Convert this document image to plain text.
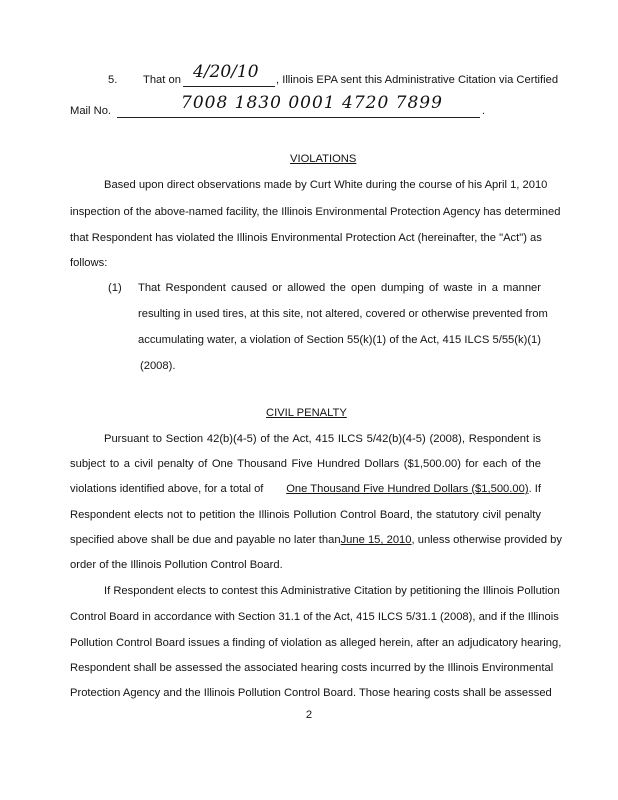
5. That on 4/20/10 , Illinois EPA sent this Administrative Citation via Certified
Mail No.	7008 1830 0001 4720 7899	.
VIOLATIONS
Based upon direct observations made by Curt White during the course of his April 1, 2010
inspection of the above-named facility, the Illinois Environmental Protection Agency has determined
that Respondent has violated the Illinois Environmental Protection Act (hereinafter, the "Act") as
follows:
(1) That Respondent caused or allowed the open dumping of waste in a manner
resulting in used tires, at this site, not altered, covered or otherwise prevented from
accumulating water, a violation of Section 55(k)(1) of the Act, 415 ILCS 5/55(k)(1)
(2008).
CIVIL PENALTY
Pursuant to Section 42(b)(4-5) of the Act, 415 ILCS 5/42(b)(4-5) (2008), Respondent is
subject to a civil penalty of One Thousand Five Hundred Dollars ($1,500.00) for each of the
violations identified above, for a total of One Thousand Five Hundred Dollars ($1,500.00). If
Respondent elects not to petition the Illinois Pollution Control Board, the statutory civil penalty
specified above shall be due and payable no later than June 15, 2010, unless otherwise provided by
order of the Illinois Pollution Control Board.
If Respondent elects to contest this Administrative Citation by petitioning the Illinois Pollution
Control Board in accordance with Section 31.1 of the Act, 415 ILCS 5/31.1 (2008), and if the Illinois
Pollution Control Board issues a finding of violation as alleged herein, after an adjudicatory hearing,
Respondent shall be assessed the associated hearing costs incurred by the Illinois Environmental
Protection Agency and the Illinois Pollution Control Board. Those hearing costs shall be assessed
2
